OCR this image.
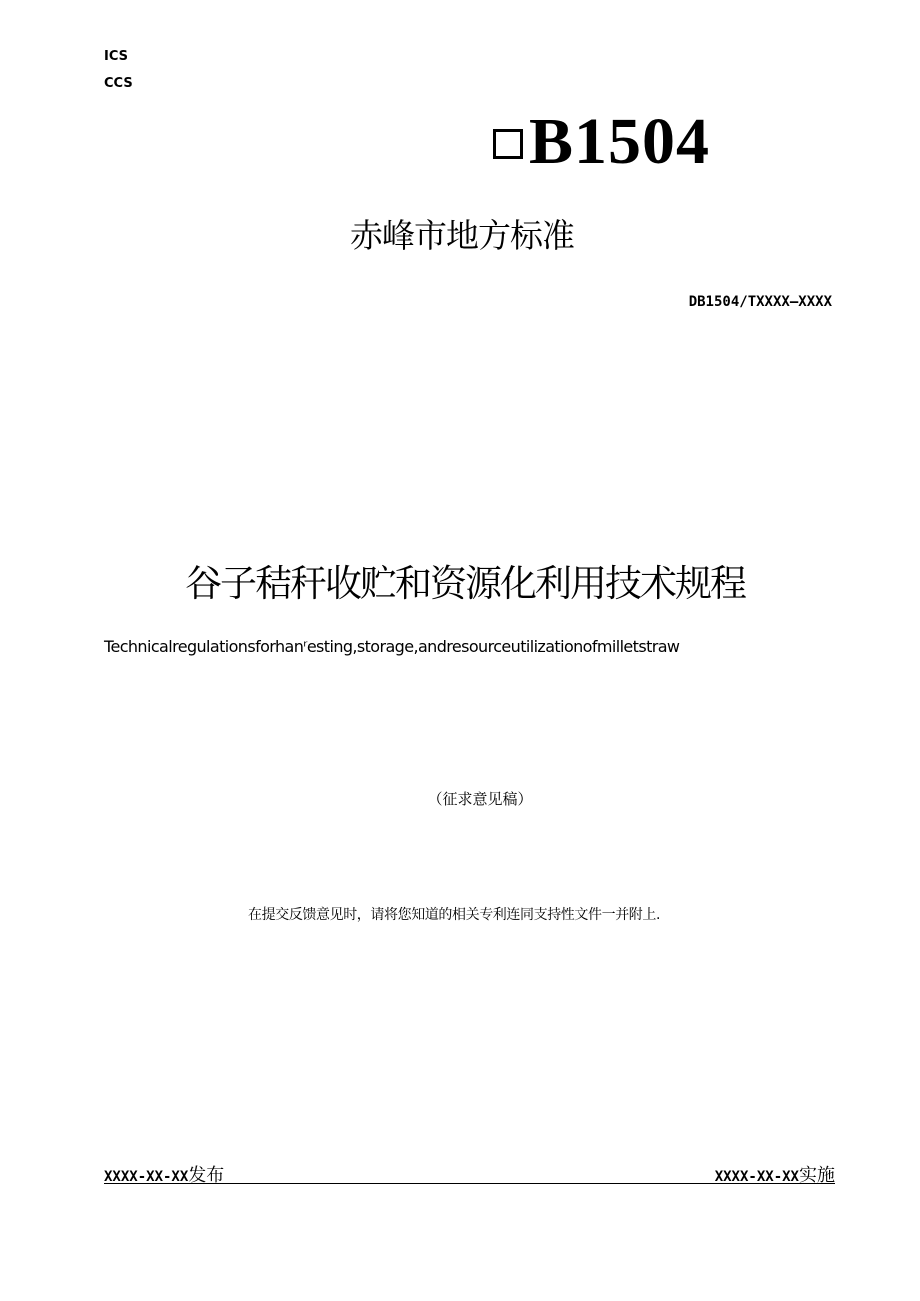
ICS
CCS
B1504
赤峰市地方标准
DB1504/TXXXX—XXXX
谷子秸秆收贮和资源化利用技术规程
Technicalregulationsforhanʳesting,storage,andresourceutilizationofmilletstraw
（征求意见稿）
在提交反馈意见时，请将您知道的相关专利连同支持性文件一并附上.
XXXX-XX-XX发布	XXXX-XX-XX实施
